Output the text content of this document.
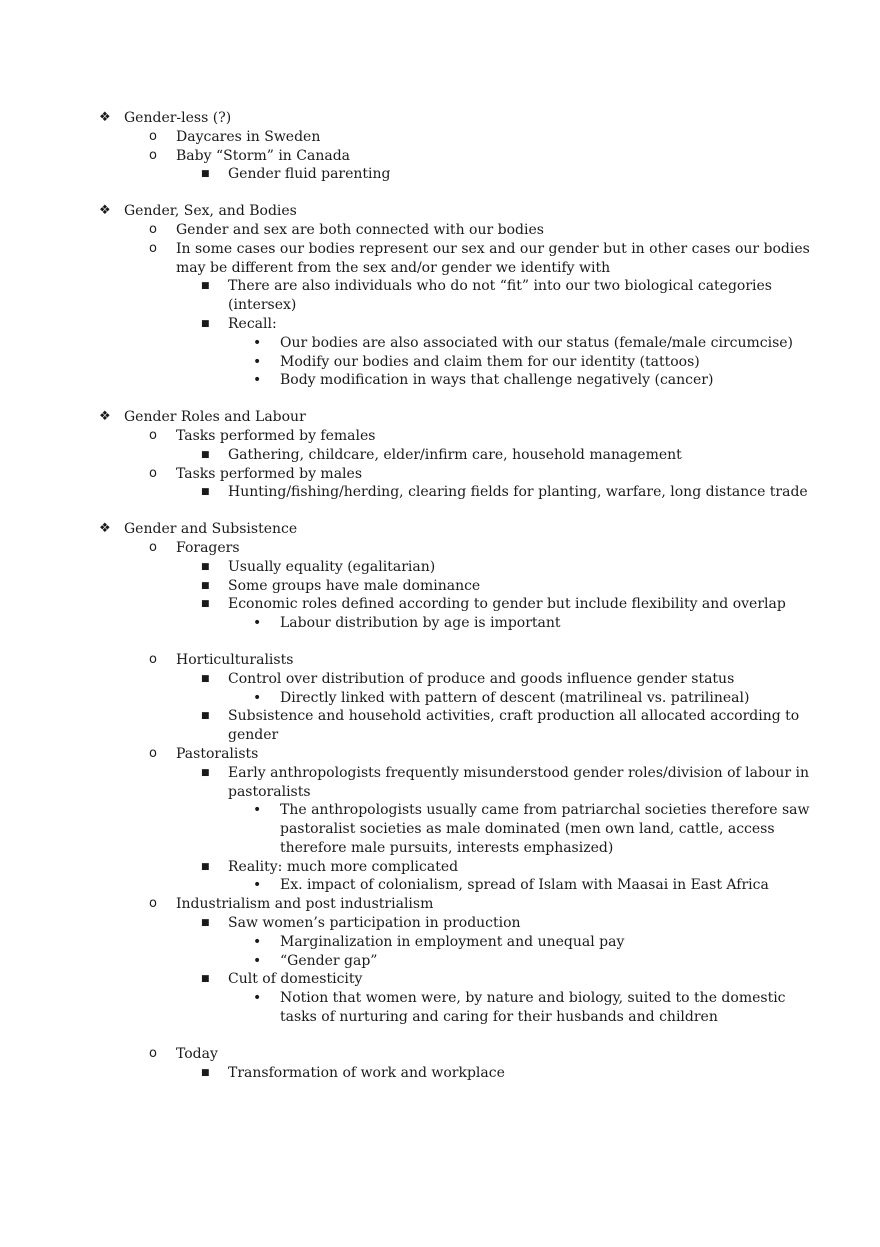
❖ Gender-less (?)
o Daycares in Sweden
o Baby “Storm” in Canada
■ Gender fluid parenting
❖ Gender, Sex, and Bodies
o Gender and sex are both connected with our bodies
o In some cases our bodies represent our sex and our gender but in other cases our bodies may be different from the sex and/or gender we identify with
■ There are also individuals who do not “fit” into our two biological categories (intersex)
■ Recall:
• Our bodies are also associated with our status (female/male circumcise)
• Modify our bodies and claim them for our identity (tattoos)
• Body modification in ways that challenge negatively (cancer)
❖ Gender Roles and Labour
o Tasks performed by females
■ Gathering, childcare, elder/infirm care, household management
o Tasks performed by males
■ Hunting/fishing/herding, clearing fields for planting, warfare, long distance trade
❖ Gender and Subsistence
o Foragers
■ Usually equality (egalitarian)
■ Some groups have male dominance
■ Economic roles defined according to gender but include flexibility and overlap
• Labour distribution by age is important
o Horticulturalists
■ Control over distribution of produce and goods influence gender status
• Directly linked with pattern of descent (matrilineal vs. patrilineal)
■ Subsistence and household activities, craft production all allocated according to gender
o Pastoralists
■ Early anthropologists frequently misunderstood gender roles/division of labour in pastoralists
• The anthropologists usually came from patriarchal societies therefore saw pastoralist societies as male dominated (men own land, cattle, access therefore male pursuits, interests emphasized)
■ Reality: much more complicated
• Ex. impact of colonialism, spread of Islam with Maasai in East Africa
o Industrialism and post industrialism
■ Saw women’s participation in production
• Marginalization in employment and unequal pay
• “Gender gap”
■ Cult of domesticity
• Notion that women were, by nature and biology, suited to the domestic tasks of nurturing and caring for their husbands and children
o Today
■ Transformation of work and workplace
